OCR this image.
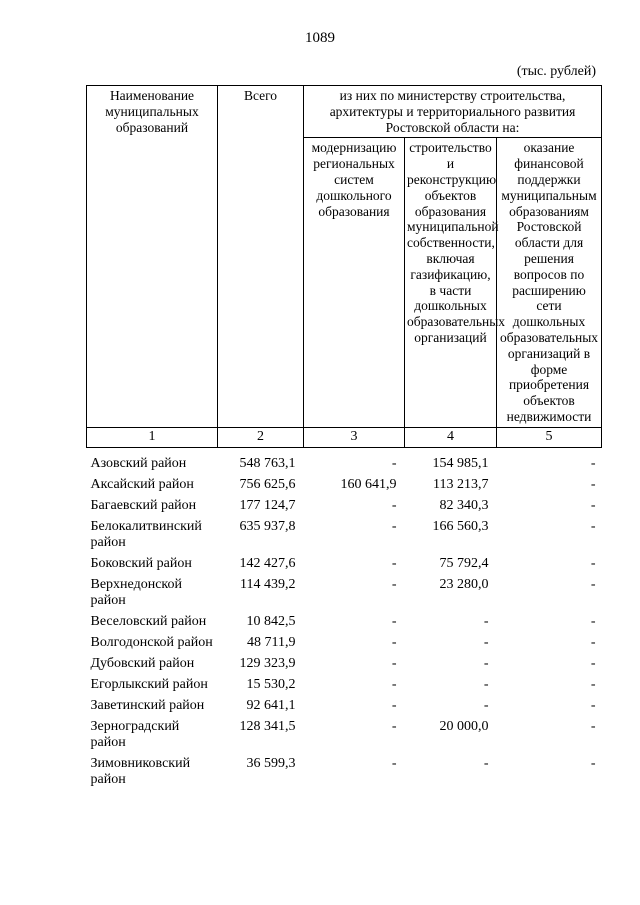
1089
(тыс. рублей)
Наименование муниципальных образований	Всего	из них по министерству строительства, архитектуры и территориального развития Ростовской области на:		
		модернизацию региональных систем дошкольного образования	строительство и реконструкцию объектов образования муниципальной собственности, включая газификацию, в части дошкольных образовательных организаций	оказание финансовой поддержки муниципальным образованиям Ростовской области для решения вопросов по расширению сети дошкольных образовательных организаций в форме приобретения объектов недвижимости
1	2	3	4	5

Азовский район	548 763,1	-	154 985,1	-
Аксайский район	756 625,6	160 641,9	113 213,7	-
Багаевский район	177 124,7	-	82 340,3	-
Белокалитвинский район	635 937,8	-	166 560,3	-
Боковский район	142 427,6	-	75 792,4	-
Верхнедонской район	114 439,2	-	23 280,0	-
Веселовский район	10 842,5	-	-	-
Волгодонской район	48 711,9	-	-	-
Дубовский район	129 323,9	-	-	-
Егорлыкский район	15 530,2	-	-	-
Заветинский район	92 641,1	-	-	-
Зерноградский район	128 341,5	-	20 000,0	-
Зимовниковский район	36 599,3	-	-	-
